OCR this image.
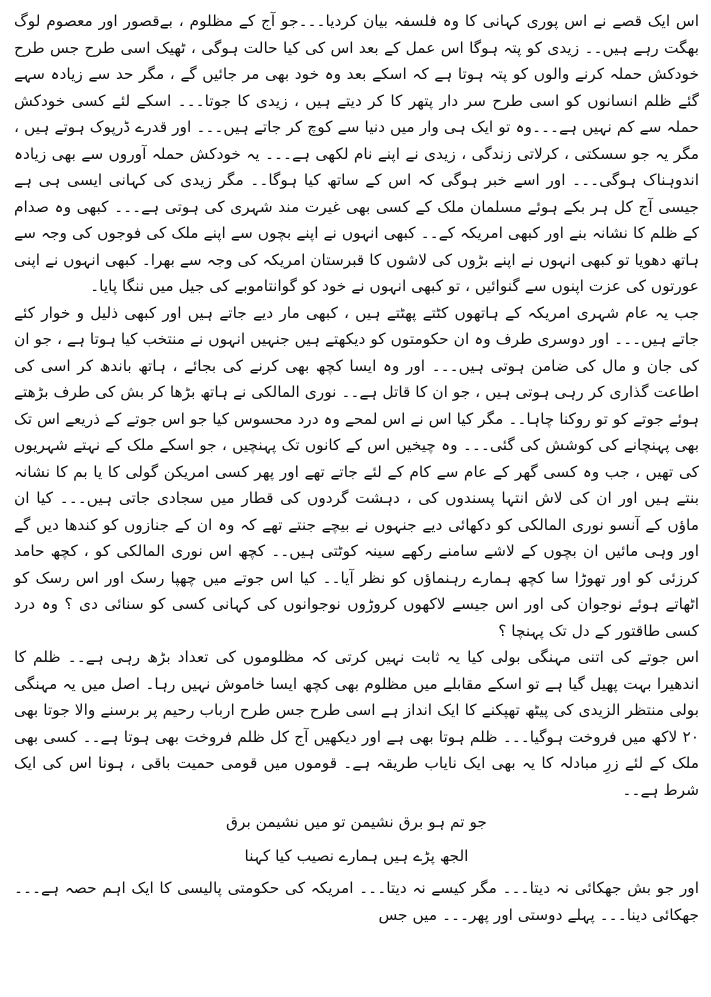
اس ایک قصے نے اس پوری کہانی کا وہ فلسفہ بیان کردیا۔۔۔جو آج کے مظلوم ، بےقصور اور معصوم لوگ بھگت رہے ہیں۔۔ زیدی کو پتہ ہوگا اس عمل کے بعد اس کی کیا حالت ہوگی ، ٹھیک اسی طرح جس طرح خودکش حملہ کرنے والوں کو پتہ ہوتا ہے کہ اسکے بعد وہ خود بھی مر جائیں گے ، مگر حد سے زیادہ سہے گئے ظلم انسانوں کو اسی طرح سر دار پتھر کا کر دیتے ہیں ، زیدی کا جوتا۔۔۔ اسکے لئے کسی خودکش حملہ سے کم نہیں ہے۔۔۔وہ تو ایک ہی وار میں دنیا سے کوچ کر جاتے ہیں۔۔۔ اور قدرے ڈرپوک ہوتے ہیں ، مگر یہ جو سسکتی ، کرلاتی زندگی ، زیدی نے اپنے نام لکھی ہے۔۔۔ یہ خودکش حملہ آوروں سے بھی زیادہ اندوہناک ہوگی۔۔۔ اور اسے خبر ہوگی کہ اس کے ساتھ کیا ہوگا۔۔ مگر زیدی کی کہانی ایسی ہی ہے جیسی آج کل ہر بکے ہوئے مسلمان ملک کے کسی بھی غیرت مند شہری کی ہوتی ہے۔۔۔ کبھی وہ صدام کے ظلم کا نشانہ بنے اور کبھی امریکہ کے۔۔ کبھی انہوں نے اپنے بچوں سے اپنے ملک کی فوجوں کی وجہ سے ہاتھ دھویا تو کبھی انہوں نے اپنے بڑوں کی لاشوں کا قبرستان امریکہ کی وجہ سے بھرا۔ کبھی انہوں نے اپنی عورتوں کی عزت اپنوں سے گنوائیں ، تو کبھی انہوں نے خود کو گوانتاموبے کی جیل میں ننگا پایا۔

جب یہ عام شہری امریکہ کے ہاتھوں کٹتے پھٹتے ہیں ، کبھی مار دیے جاتے ہیں اور کبھی ذلیل و خوار کئے جاتے ہیں۔۔۔ اور دوسری طرف وہ ان حکومتوں کو دیکھتے ہیں جنہیں انہوں نے منتخب کیا ہوتا ہے ، جو ان کی جان و مال کی ضامن ہوتی ہیں۔۔۔ اور وہ ایسا کچھ بھی کرنے کی بجائے ، ہاتھ باندھ کر اسی کی اطاعت گذاری کر رہی ہوتی ہیں ، جو ان کا قاتل ہے۔۔ نوری المالکی نے ہاتھ بڑھا کر بش کی طرف بڑھتے ہوئے جوتے کو تو روکنا چاہا۔۔ مگر کیا اس نے اس لمحے وہ درد محسوس کیا جو اس جوتے کے ذریعے اس تک بھی پہنچانے کی کوشش کی گئی۔۔۔ وہ چیخیں اس کے کانوں تک پہنچیں ، جو اسکے ملک کے نہتے شہریوں کی تھیں ، جب وہ کسی گھر کے عام سے کام کے لئے جاتے تھے اور پھر کسی امریکن گولی کا یا بم کا نشانہ بنتے ہیں اور ان کی لاش انتہا پسندوں کی ، دہشت گردوں کی قطار میں سجادی جاتی ہیں۔۔۔ کیا ان ماؤں کے آنسو نوری المالکی کو دکھائی دیے جنہوں نے بیچے جنتے تھے کہ وہ ان کے جنازوں کو کندھا دیں گے اور وہی مائیں ان بچوں کے لاشے سامنے رکھے سینہ کوٹتی ہیں۔۔ کچھ اس نوری المالکی کو ، کچھ حامد کرزئی کو اور تھوڑا سا کچھ ہمارے رہنماؤں کو نظر آیا۔۔ کیا اس جوتے میں چھپا رسک اور اس رسک کو اٹھاتے ہوئے نوجوان کی اور اس جیسے لاکھوں کروڑوں نوجوانوں کی کہانی کسی کو سنائی دی ؟ وہ درد کسی طاقتور کے دل تک پہنچا ؟

اس جوتے کی اتنی مہنگی بولی کیا یہ ثابت نہیں کرتی کہ مظلوموں کی تعداد بڑھ رہی ہے۔۔ ظلم کا اندھیرا بہت پھیل گیا ہے تو اسکے مقابلے میں مظلوم بھی کچھ ایسا خاموش نہیں رہا۔ اصل میں یہ مہنگی بولی منتظر الزیدی کی پیٹھ تھپکنے کا ایک انداز ہے اسی طرح جس طرح ارباب رحیم پر برسنے والا جوتا بھی ۲۰ لاکھ میں فروخت ہوگیا۔۔۔ ظلم ہوتا بھی ہے اور دیکھیں آج کل ظلم فروخت بھی ہوتا ہے۔۔ کسی بھی ملک کے لئے زرِ مبادلہ کا یہ بھی ایک نایاب طریقہ ہے۔ قوموں میں قومی حمیت باقی ، ہونا اس کی ایک شرط ہے۔۔

جو تم ہو برق نشیمن تو میں نشیمن برق
الجھ پڑے ہیں ہمارے نصیب کیا کہنا

اور جو بش جھکائی نہ دیتا۔۔۔ مگر کیسے نہ دیتا۔۔۔ امریکہ کی حکومتی پالیسی کا ایک اہم حصہ ہے۔۔۔ جھکائی دینا۔۔۔ پہلے دوستی اور پھر۔۔۔ میں جس
